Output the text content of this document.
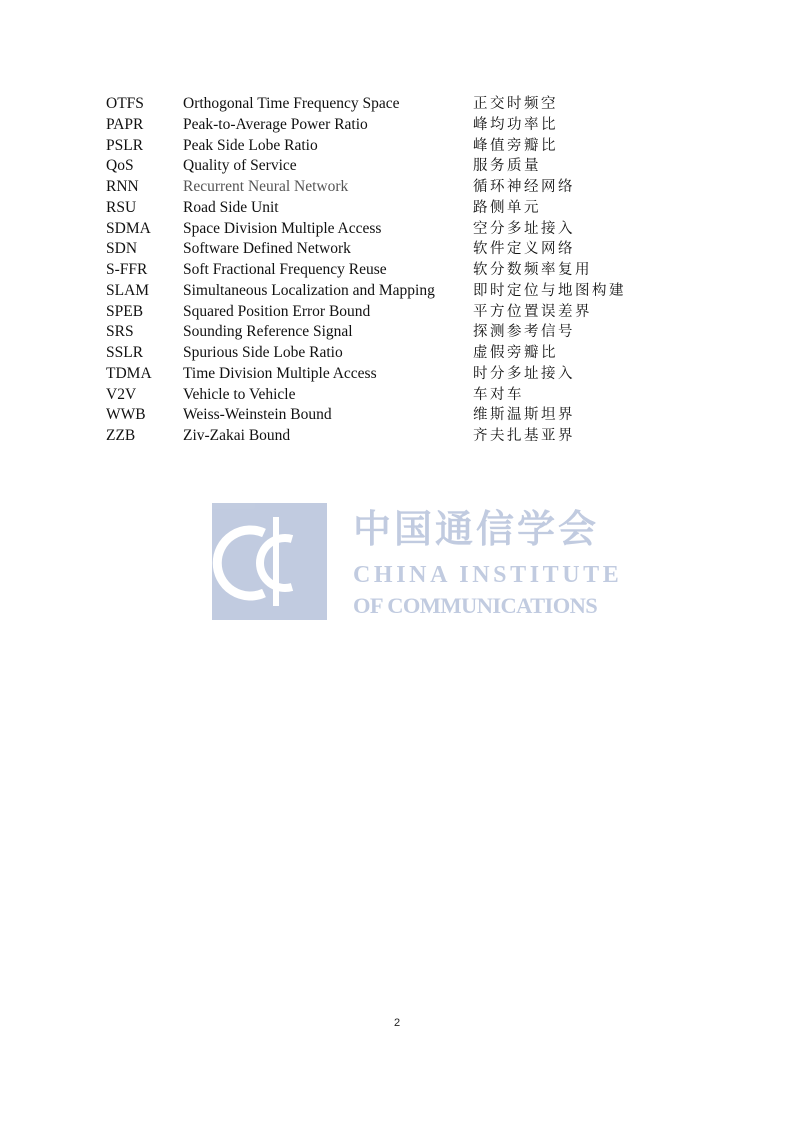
OTFS	Orthogonal Time Frequency Space	正交时频空
PAPR	Peak-to-Average Power Ratio	峰均功率比
PSLR	Peak Side Lobe Ratio	峰值旁瓣比
QoS	Quality of Service	服务质量
RNN	Recurrent Neural Network	循环神经网络
RSU	Road Side Unit	路侧单元
SDMA	Space Division Multiple Access	空分多址接入
SDN	Software Defined Network	软件定义网络
S-FFR	Soft Fractional Frequency Reuse	软分数频率复用
SLAM	Simultaneous Localization and Mapping	即时定位与地图构建
SPEB	Squared Position Error Bound	平方位置误差界
SRS	Sounding Reference Signal	探测参考信号
SSLR	Spurious Side Lobe Ratio	虚假旁瓣比
TDMA	Time Division Multiple Access	时分多址接入
V2V	Vehicle to Vehicle	车对车
WWB	Weiss-Weinstein Bound	维斯温斯坦界
ZZB	Ziv-Zakai Bound	齐夫扎基亚界
中国通信学会
CHINA INSTITUTE
OF COMMUNICATIONS
2
